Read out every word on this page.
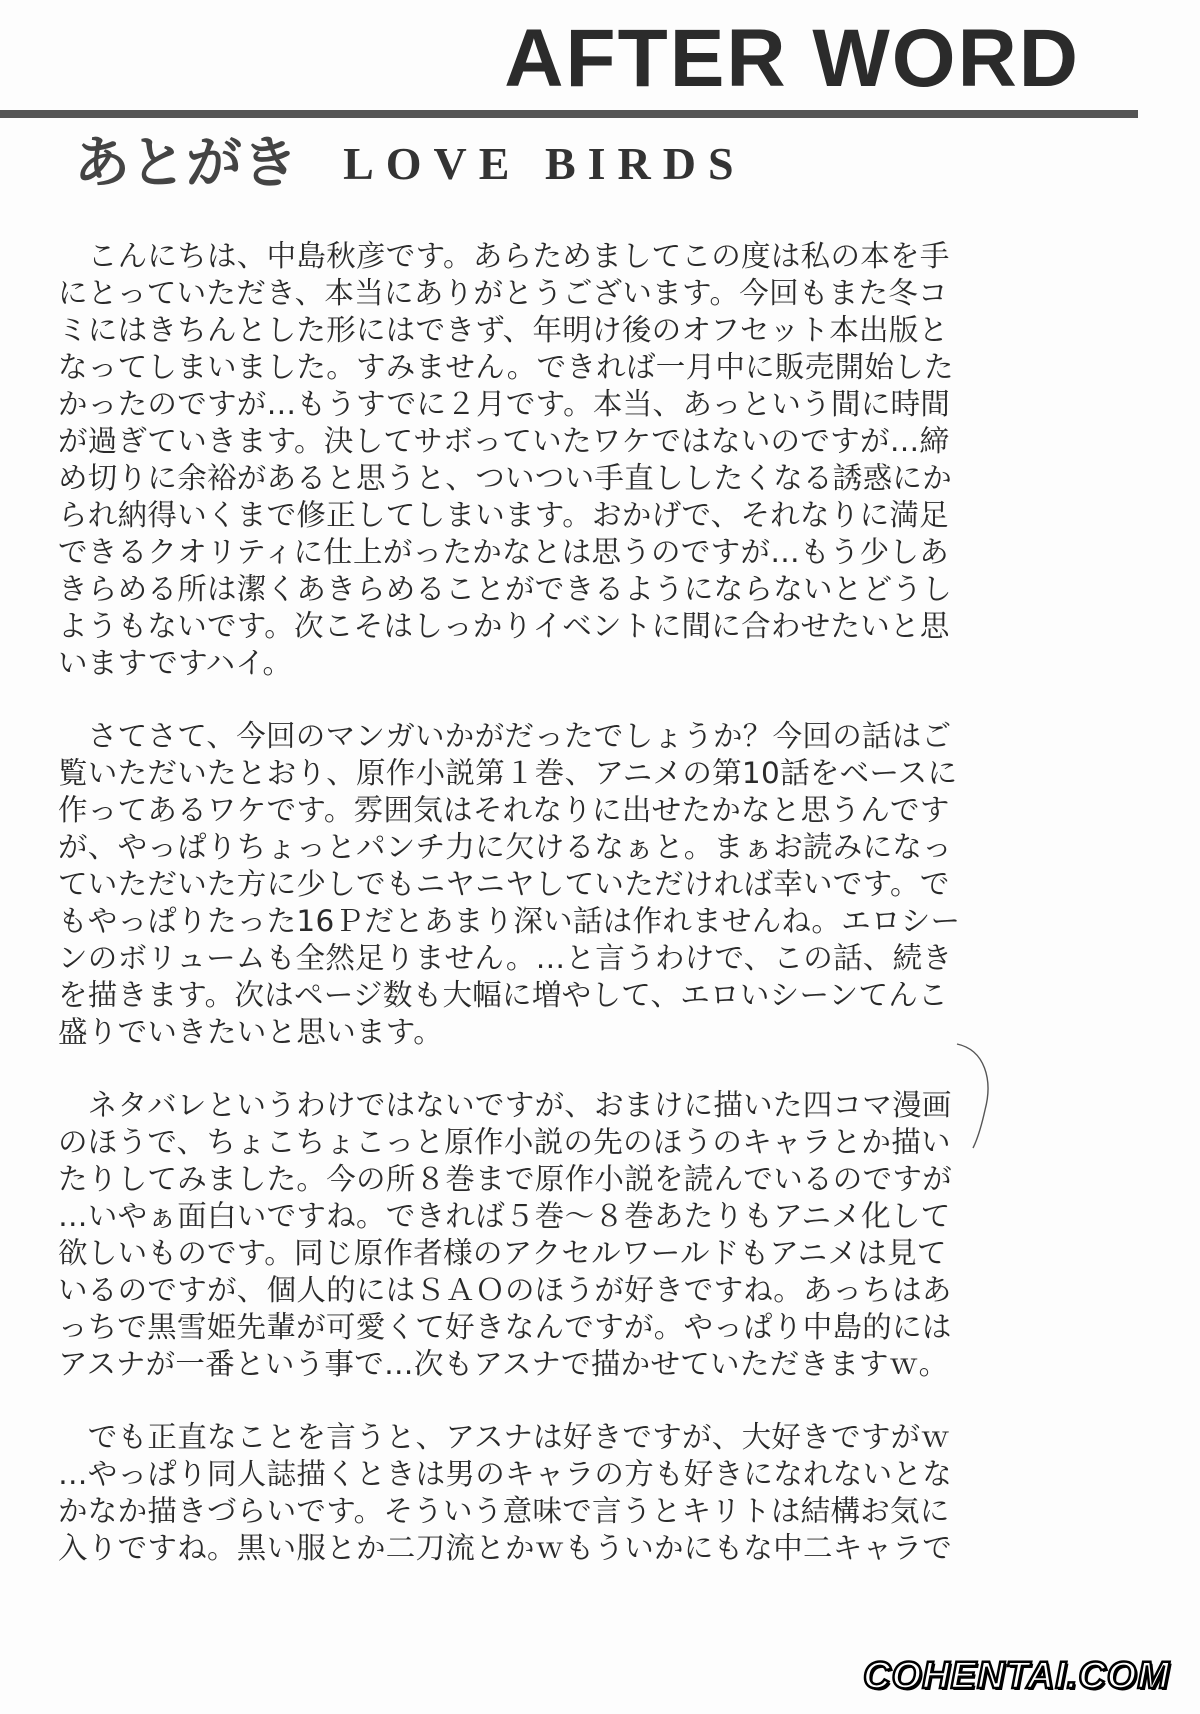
AFTER WORD
あとがき LOVE BIRDS
　こんにちは、中島秋彦です。あらためましてこの度は私の本を手
にとっていただき、本当にありがとうございます。今回もまた冬コ
ミにはきちんとした形にはできず、年明け後のオフセット本出版と
なってしまいました。すみません。できれば一月中に販売開始した
かったのですが…もうすでに２月です。本当、あっという間に時間
が過ぎていきます。決してサボっていたワケではないのですが…締
め切りに余裕があると思うと、ついつい手直ししたくなる誘惑にか
られ納得いくまで修正してしまいます。おかげで、それなりに満足
できるクオリティに仕上がったかなとは思うのですが…もう少しあ
きらめる所は潔くあきらめることができるようにならないとどうし
ようもないです。次こそはしっかりイベントに間に合わせたいと思
いますですハイ。
　さてさて、今回のマンガいかがだったでしょうか？今回の話はご
覧いただいたとおり、原作小説第１巻、アニメの第10話をベースに
作ってあるワケです。雰囲気はそれなりに出せたかなと思うんです
が、やっぱりちょっとパンチ力に欠けるなぁと。まぁお読みになっ
ていただいた方に少しでもニヤニヤしていただければ幸いです。で
もやっぱりたった16Ｐだとあまり深い話は作れませんね。エロシー
ンのボリュームも全然足りません。…と言うわけで、この話、続き
を描きます。次はページ数も大幅に増やして、エロいシーンてんこ
盛りでいきたいと思います。
　ネタバレというわけではないですが、おまけに描いた四コマ漫画
のほうで、ちょこちょこっと原作小説の先のほうのキャラとか描い
たりしてみました。今の所８巻まで原作小説を読んでいるのですが
…いやぁ面白いですね。できれば５巻～８巻あたりもアニメ化して
欲しいものです。同じ原作者様のアクセルワールドもアニメは見て
いるのですが、個人的にはＳＡＯのほうが好きですね。あっちはあ
っちで黒雪姫先輩が可愛くて好きなんですが。やっぱり中島的には
アスナが一番という事で…次もアスナで描かせていただきますｗ。
　でも正直なことを言うと、アスナは好きですが、大好きですがｗ
…やっぱり同人誌描くときは男のキャラの方も好きになれないとな
かなか描きづらいです。そういう意味で言うとキリトは結構お気に
入りですね。黒い服とか二刀流とかｗもういかにもな中二キャラで
COHENTAI.COM
